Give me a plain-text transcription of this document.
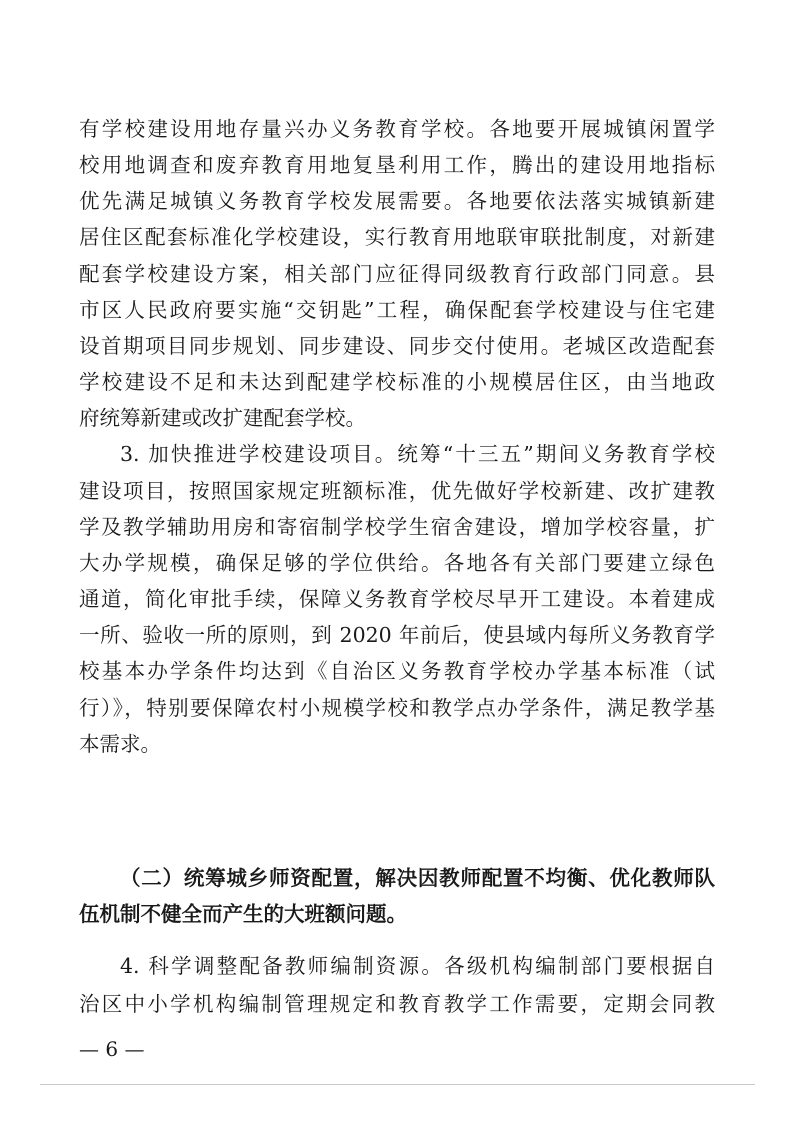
有学校建设用地存量兴办义务教育学校。各地要开展城镇闲置学
校用地调查和废弃教育用地复垦利用工作，腾出的建设用地指标
优先满足城镇义务教育学校发展需要。各地要依法落实城镇新建
居住区配套标准化学校建设，实行教育用地联审联批制度，对新建
配套学校建设方案，相关部门应征得同级教育行政部门同意。县
市区人民政府要实施“交钥匙”工程，确保配套学校建设与住宅建
设首期项目同步规划、同步建设、同步交付使用。老城区改造配套
学校建设不足和未达到配建学校标准的小规模居住区，由当地政
府统筹新建或改扩建配套学校。
3. 加快推进学校建设项目。统筹“十三五”期间义务教育学校
建设项目，按照国家规定班额标准，优先做好学校新建、改扩建教
学及教学辅助用房和寄宿制学校学生宿舍建设，增加学校容量，扩
大办学规模，确保足够的学位供给。各地各有关部门要建立绿色
通道，简化审批手续，保障义务教育学校尽早开工建设。本着建成
一所、验收一所的原则，到 2020 年前后，使县域内每所义务教育学
校基本办学条件均达到《自治区义务教育学校办学基本标准（试
行）》，特别要保障农村小规模学校和教学点办学条件，满足教学基
本需求。
（二）统筹城乡师资配置，解决因教师配置不均衡、优化教师队
伍机制不健全而产生的大班额问题。
4. 科学调整配备教师编制资源。各级机构编制部门要根据自
治区中小学机构编制管理规定和教育教学工作需要，定期会同教
— 6 —
